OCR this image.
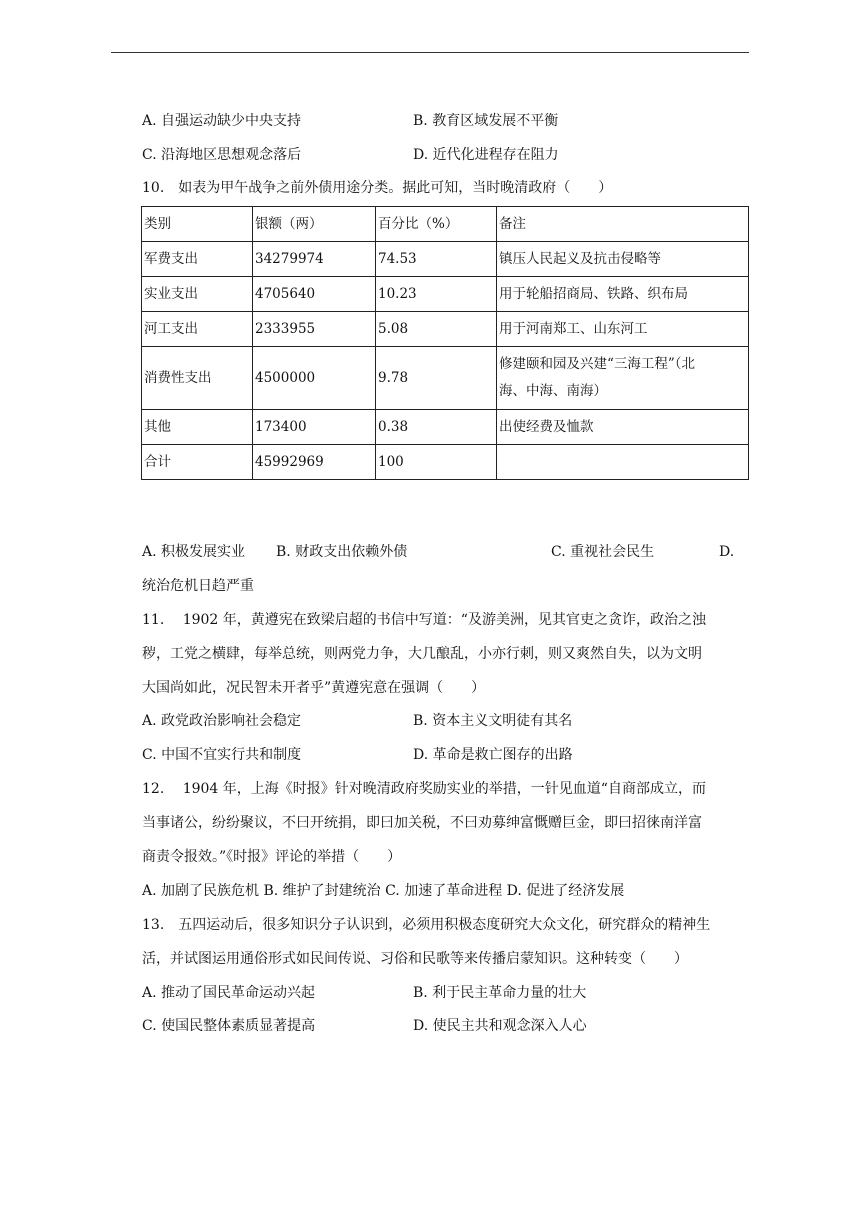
A. 自强运动缺少中央支持	B. 教育区域发展不平衡
C. 沿海地区思想观念落后	D. 近代化进程存在阻力
10.　如表为甲午战争之前外债用途分类。据此可知，当时晚清政府（　　）
类别	银额（两）	百分比（%）	备注
军费支出	34279974	74.53	镇压人民起义及抗击侵略等
实业支出	4705640	10.23	用于轮船招商局、铁路、织布局
河工支出	2333955	5.08	用于河南郑工、山东河工
消费性支出	4500000	9.78	修建颐和园及兴建“三海工程”（北
海、中海、南海）

其他	173400	0.38	出使经费及恤款
合计	45992969	100	
A. 积极发展实业 B. 财政支出依赖外债	C. 重视社会民生	D.
统治危机日趋严重
11.　 1902 年，黄遵宪在致梁启超的书信中写道：“及游美洲，见其官吏之贪诈，政治之浊
秽，工党之横肆，每举总统，则两党力争，大几酿乱，小亦行刺，则又爽然自失，以为文明
大国尚如此，况民智未开者乎”黄遵宪意在强调（　　）
A. 政党政治影响社会稳定	B. 资本主义文明徒有其名
C. 中国不宜实行共和制度	D. 革命是救亡图存的出路
12.　 1904 年，上海《时报》针对晚清政府奖励实业的举措，一针见血道“自商部成立，而
当事诸公，纷纷聚议，不曰开统捐，即曰加关税，不曰劝募绅富慨赠巨金，即曰招徕南洋富
商责令报效。”《时报》评论的举措（　　）
A. 加剧了民族危机 B. 维护了封建统治 C. 加速了革命进程 D. 促进了经济发展
13.　五四运动后，很多知识分子认识到，必须用积极态度研究大众文化，研究群众的精神生
活，并试图运用通俗形式如民间传说、习俗和民歌等来传播启蒙知识。这种转变（　　）
A. 推动了国民革命运动兴起	B. 利于民主革命力量的壮大
C. 使国民整体素质显著提高	D. 使民主共和观念深入人心
